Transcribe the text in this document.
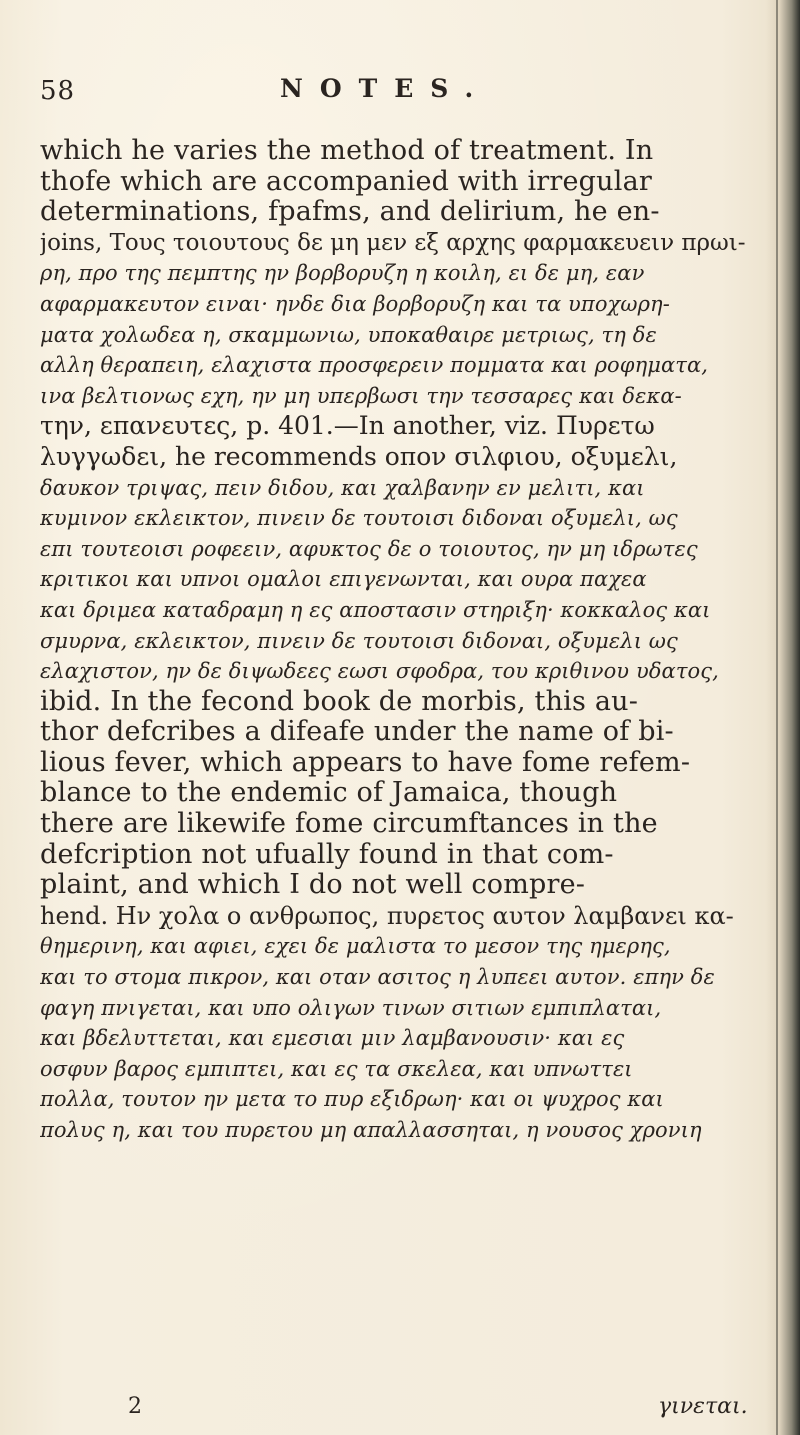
58	NOTES.
which he varies the method of treatment. In
thofe which are accompanied with irregular
determinations, fpafms, and delirium, he en-
joins, Τους τοιουτους δε μη μεν εξ αρχης φαρμακευειν πρωι-
ρη, προ της πεμπτης ην βορβορυζη η κοιλη, ει δε μη, εαν
αφαρμακευτον ειναι· ηνδε δια βορβορυζη και τα υποχωρη-
ματα χολωδεα η, σκαμμωνιω, υποκαθαιρε μετριως, τη δε
αλλη θεραπειη, ελαχιστα προσφερειν πομματα και ροφηματα,
ινα βελτιονως εχη, ην μη υπερβωσι την τεσσαρες και δεκα-
την, επανευτες, p. 401.—In another, viz. Πυρετω
λυγγωδει, he recommends οπον σιλφιου, οξυμελι,
δαυκον τριψας, πειν διδου, και χαλβανην εν μελιτι, και
κυμινον εκλεικτον, πινειν δε τουτοισι διδοναι οξυμελι, ως
επι τουτεοισι ροφεειν, αφυκτος δε ο τοιουτος, ην μη ιδρωτες
κριτικοι και υπνοι ομαλοι επιγενωνται, και ουρα παχεα
και δριμεα καταδραμη η ες αποστασιν στηριξη· κοκκαλος και
σμυρνα, εκλεικτον, πινειν δε τουτοισι διδοναι, οξυμελι ως
ελαχιστον, ην δε διψωδεες εωσι σφοδρα, του κριθινου υδατος,
ibid. In the fecond book de morbis, this au-
thor defcribes a difeafe under the name of bi-
lious fever, which appears to have fome refem-
blance to the endemic of Jamaica, though
there are likewife fome circumftances in the
defcription not ufually found in that com-
plaint, and which I do not well compre-
hend. Ην χολα ο ανθρωπος, πυρετος αυτον λαμβανει κα-
θημερινη, και αφιει, εχει δε μαλιστα το μεσον της ημερης,
και το στομα πικρον, και οταν ασιτος η λυπεει αυτον. επην δε
φαγη πνιγεται, και υπο ολιγων τινων σιτιων εμπιπλαται,
και βδελυττεται, και εμεσιαι μιν λαμβανουσιν· και ες
οσφυν βαρος εμπιπτει, και ες τα σκελεα, και υπνωττει
πολλα, τουτον ην μετα το πυρ εξιδρωη· και οι ψυχρος και
πολυς η, και του πυρετου μη απαλλασσηται, η νουσος χρονιη
2	γινεται.
